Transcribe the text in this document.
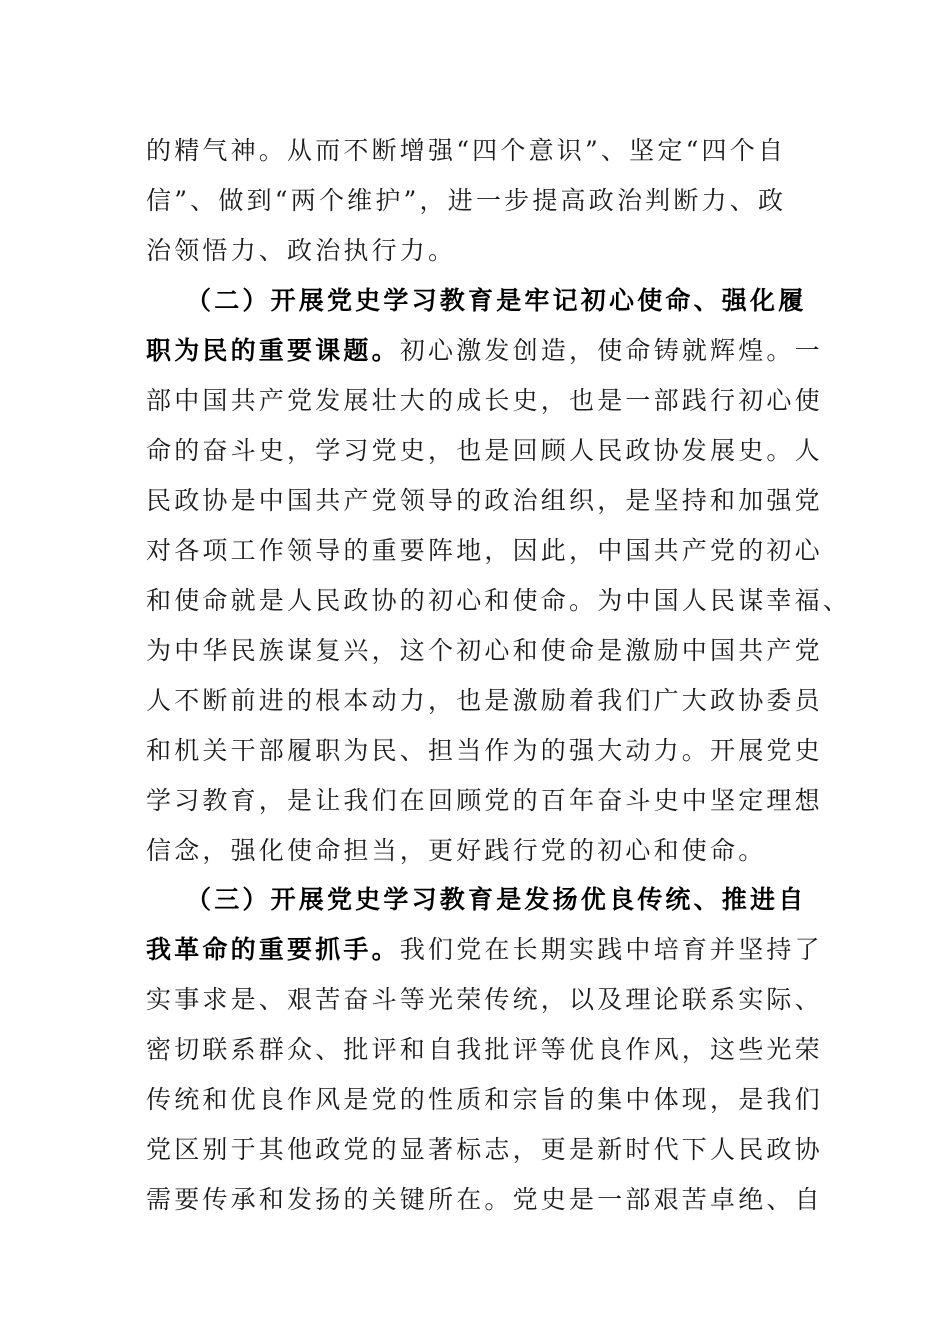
的精气神。从而不断增强“四个意识”、坚定“四个自
信”、做到“两个维护”，进一步提高政治判断力、政
治领悟力、政治执行力。
（二）开展党史学习教育是牢记初心使命、强化履
职为民的重要课题。初心激发创造，使命铸就辉煌。一
部中国共产党发展壮大的成长史，也是一部践行初心使
命的奋斗史，学习党史，也是回顾人民政协发展史。人
民政协是中国共产党领导的政治组织，是坚持和加强党
对各项工作领导的重要阵地，因此，中国共产党的初心
和使命就是人民政协的初心和使命。为中国人民谋幸福、
为中华民族谋复兴，这个初心和使命是激励中国共产党
人不断前进的根本动力，也是激励着我们广大政协委员
和机关干部履职为民、担当作为的强大动力。开展党史
学习教育，是让我们在回顾党的百年奋斗史中坚定理想
信念，强化使命担当，更好践行党的初心和使命。
（三）开展党史学习教育是发扬优良传统、推进自
我革命的重要抓手。我们党在长期实践中培育并坚持了
实事求是、艰苦奋斗等光荣传统，以及理论联系实际、
密切联系群众、批评和自我批评等优良作风，这些光荣
传统和优良作风是党的性质和宗旨的集中体现，是我们
党区别于其他政党的显著标志，更是新时代下人民政协
需要传承和发扬的关键所在。党史是一部艰苦卓绝、自
